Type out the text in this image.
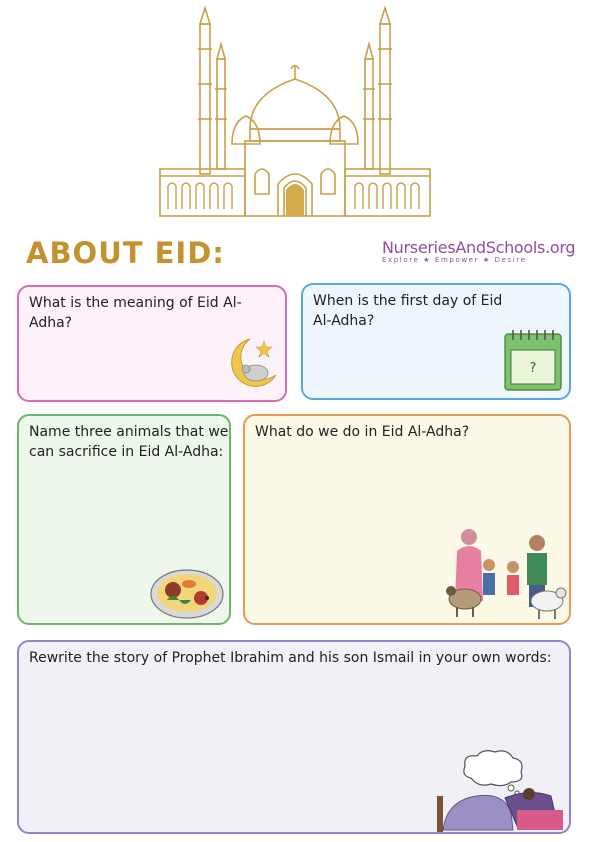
ABOUT EID:	NurseriesAndSchools.org
Explore ★ Empower ★ Desire
What is the meaning of Eid Al-Adha?
When is the first day of Eid Al-Adha?
?
Name three animals that we can sacrifice in Eid Al-Adha:
What do we do in Eid Al-Adha?
Rewrite the story of Prophet Ibrahim and his son Ismail in your own words:
